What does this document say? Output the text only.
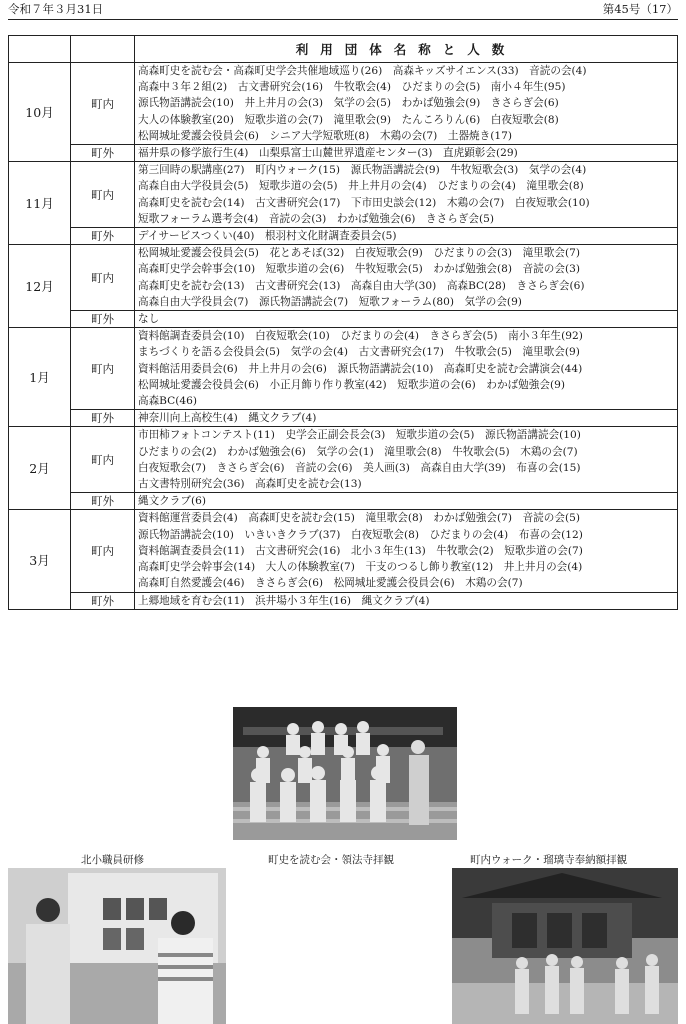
令和７年３月31日	第45号（17）
		利用団体名称と人数
10月	町内	高森町史を読む会・高森町史学会共催地域巡り(26)　高森キッズサイエンス(33)　音読の会(4)
高森中３年２組(2)　古文書研究会(16)　牛牧歌会(4)　ひだまりの会(5)　南小４年生(95)
源氏物語講読会(10)　井上井月の会(3)　気学の会(5)　わかば勉強会(9)　きさらぎ会(6)
大人の体験教室(20)　短歌歩道の会(7)　滝里歌会(9)　たんころりん(6)　白夜短歌会(8)
松岡城址愛護会役員会(6)　シニア大学短歌班(8)　木鶏の会(7)　土器焼き(17)

	町外	福井県の修学旅行生(4)　山梨県富士山麓世界遺産センター(3)　直虎顕彰会(29)

11月	町内	第三回時の駅講座(27)　町内ウォーク(15)　源氏物語講読会(9)　牛牧短歌会(3)　気学の会(4)
高森自由大学役員会(5)　短歌歩道の会(5)　井上井月の会(4)　ひだまりの会(4)　滝里歌会(8)
高森町史を読む会(14)　古文書研究会(17)　下市田史談会(12)　木鶏の会(7)　白夜短歌会(10)
短歌フォーラム選考会(4)　音読の会(3)　わかば勉強会(6)　きさらぎ会(5)

	町外	デイサービスつくい(40)　根羽村文化財調査委員会(5)

12月	町内	松岡城址愛護会役員会(5)　花とあそぼ(32)　白夜短歌会(9)　ひだまりの会(3)　滝里歌会(7)
高森町史学会幹事会(10)　短歌歩道の会(6)　牛牧短歌会(5)　わかば勉強会(8)　音読の会(3)
高森町史を読む会(13)　古文書研究会(13)　高森自由大学(30)　高森BC(28)　きさらぎ会(6)
高森自由大学役員会(7)　源氏物語講読会(7)　短歌フォーラム(80)　気学の会(9)

	町外	なし

1月	町内	資料館調査委員会(10)　白夜短歌会(10)　ひだまりの会(4)　きさらぎ会(5)　南小３年生(92)
まちづくりを語る会役員会(5)　気学の会(4)　古文書研究会(17)　牛牧歌会(5)　滝里歌会(9)
資料館活用委員会(6)　井上井月の会(6)　源氏物語講読会(10)　高森町史を読む会講演会(44)
松岡城址愛護会役員会(6)　小正月飾り作り教室(42)　短歌歩道の会(6)　わかば勉強会(9)
高森BC(46)

	町外	神奈川向上高校生(4)　縄文クラブ(4)

2月	町内	市田柿フォトコンテスト(11)　史学会正副会長会(3)　短歌歩道の会(5)　源氏物語講読会(10)
ひだまりの会(2)　わかば勉強会(6)　気学の会(1)　滝里歌会(8)　牛牧歌会(5)　木鶏の会(7)
白夜短歌会(7)　きさらぎ会(6)　音読の会(6)　美人画(3)　高森自由大学(39)　布喜の会(15)
古文書特別研究会(36)　高森町史を読む会(13)

	町外	縄文クラブ(6)

3月	町内	資料館運営委員会(4)　高森町史を読む会(15)　滝里歌会(8)　わかば勉強会(7)　音読の会(5)
源氏物語講読会(10)　いきいきクラブ(37)　白夜短歌会(8)　ひだまりの会(4)　布喜の会(12)
資料館調査委員会(11)　古文書研究会(16)　北小３年生(13)　牛牧歌会(2)　短歌歩道の会(7)
高森町史学会幹事会(14)　大人の体験教室(7)　干支のつるし飾り教室(12)　井上井月の会(4)
高森町自然愛護会(46)　きさらぎ会(6)　松岡城址愛護会役員会(6)　木鶏の会(7)

	町外	上郷地域を育む会(11)　浜井場小３年生(16)　縄文クラブ(4)
北小職員研修	町史を読む会・領法寺拝観	町内ウォーク・瑠璃寺奉納額拝観
